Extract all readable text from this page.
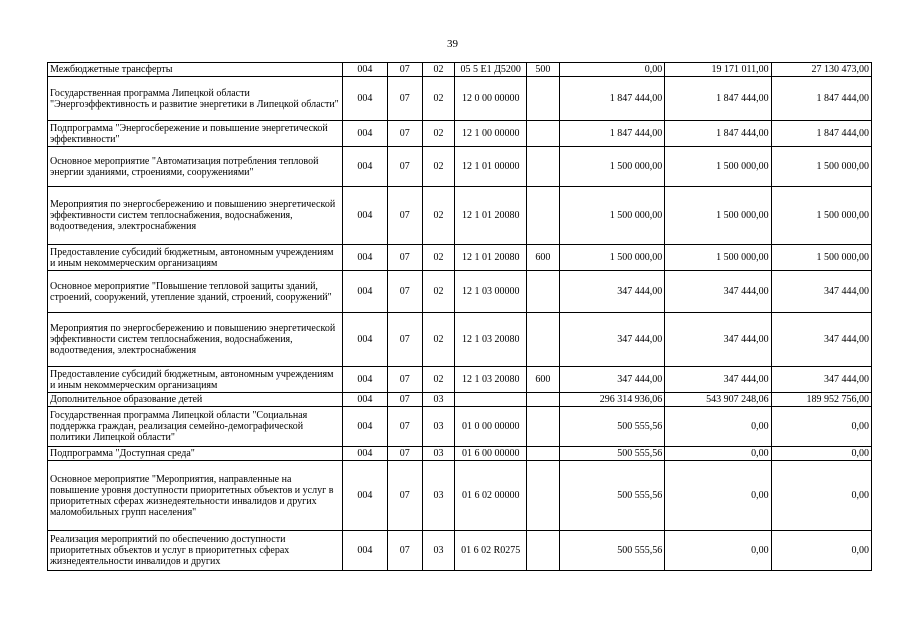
39
Межбюджетные трансферты	004	07	02	05 5 E1 Д5200	500	0,00	19 171 011,00	27 130 473,00
Государственная программа Липецкой области "Энергоэффективность и развитие энергетики в Липецкой области"	004	07	02	12 0 00 00000		1 847 444,00	1 847 444,00	1 847 444,00
Подпрограмма "Энергосбережение и повышение энергетической эффективности"	004	07	02	12 1 00 00000		1 847 444,00	1 847 444,00	1 847 444,00
Основное мероприятие "Автоматизация потребления тепловой энергии зданиями, строениями, сооружениями"	004	07	02	12 1 01 00000		1 500 000,00	1 500 000,00	1 500 000,00
Мероприятия по энергосбережению и повышению энергетической эффективности систем теплоснабжения, водоснабжения, водоотведения, электроснабжения	004	07	02	12 1 01 20080		1 500 000,00	1 500 000,00	1 500 000,00
Предоставление субсидий бюджетным, автономным учреждениям и иным некоммерческим организациям	004	07	02	12 1 01 20080	600	1 500 000,00	1 500 000,00	1 500 000,00
Основное мероприятие "Повышение тепловой защиты зданий, строений, сооружений, утепление зданий, строений, сооружений"	004	07	02	12 1 03 00000		347 444,00	347 444,00	347 444,00
Мероприятия по энергосбережению и повышению энергетической эффективности систем теплоснабжения, водоснабжения, водоотведения, электроснабжения	004	07	02	12 1 03 20080		347 444,00	347 444,00	347 444,00
Предоставление субсидий бюджетным, автономным учреждениям и иным некоммерческим организациям	004	07	02	12 1 03 20080	600	347 444,00	347 444,00	347 444,00
Дополнительное образование детей	004	07	03			296 314 936,06	543 907 248,06	189 952 756,00
Государственная программа Липецкой области "Социальная поддержка граждан, реализация семейно-демографической политики Липецкой области"	004	07	03	01 0 00 00000		500 555,56	0,00	0,00
Подпрограмма "Доступная среда"	004	07	03	01 6 00 00000		500 555,56	0,00	0,00
Основное мероприятие "Мероприятия, направленные на повышение уровня доступности приоритетных объектов и услуг в приоритетных сферах жизнедеятельности инвалидов и других маломобильных групп населения"	004	07	03	01 6 02 00000		500 555,56	0,00	0,00
Реализация мероприятий по обеспечению доступности приоритетных объектов и услуг в приоритетных сферах жизнедеятельности инвалидов и других	004	07	03	01 6 02 R0275		500 555,56	0,00	0,00
